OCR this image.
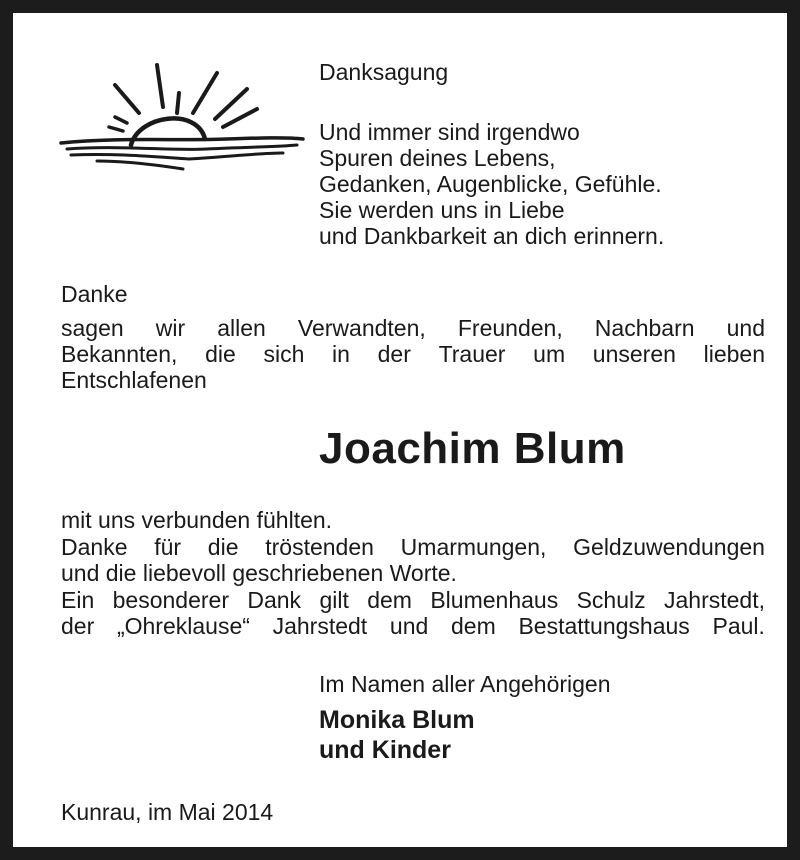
Danksagung
Und immer sind irgendwo
Spuren deines Lebens,
Gedanken, Augenblicke, Gefühle.
Sie werden uns in Liebe
und Dankbarkeit an dich erinnern.
Danke
sagen wir allen Verwandten, Freunden, Nachbarn und
Bekannten, die sich in der Trauer um unseren lieben
Entschlafenen
Joachim Blum
mit uns verbunden fühlten.
Danke für die tröstenden Umarmungen, Geldzuwendungen
und die liebevoll geschriebenen Worte.
Ein besonderer Dank gilt dem Blumenhaus Schulz Jahrstedt,
der „Ohreklause“ Jahrstedt und dem Bestattungshaus Paul.
Im Namen aller Angehörigen
Monika Blum
und Kinder
Kunrau, im Mai 2014
